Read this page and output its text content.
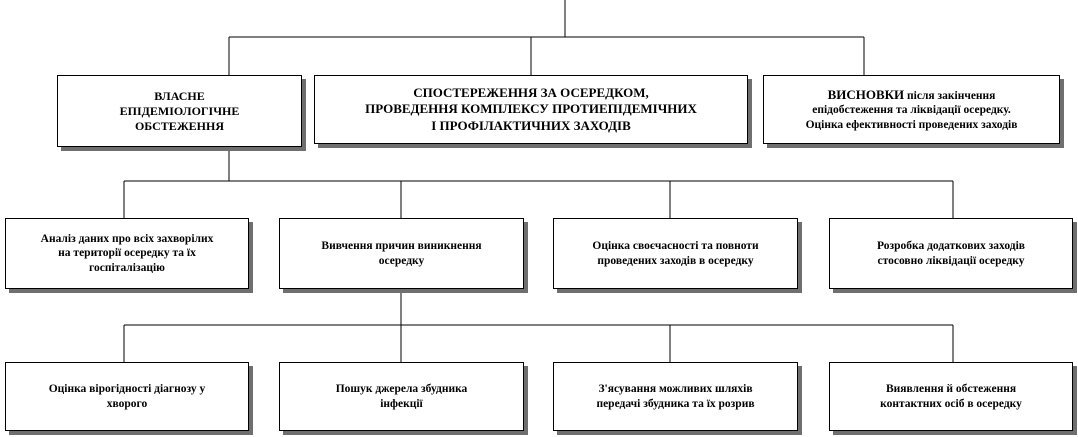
ВЛАСНЕ
ЕПІДЕМІОЛОГІЧНЕ
ОБСТЕЖЕННЯ
СПОСТЕРЕЖЕННЯ ЗА ОСЕРЕДКОМ,
ПРОВЕДЕННЯ КОМПЛЕКСУ ПРОТИЕПІДЕМІЧНИХ
І ПРОФІЛАКТИЧНИХ ЗАХОДІВ
ВИСНОВКИ після закінчення
епідобстеження та ліквідації осередку.
Оцінка ефективності проведених заходів
Аналіз даних про всіх захворілих
на території осередку та їх
госпіталізацію
Вивчення причин виникнення
осередку
Оцінка своєчасності та повноти
проведених заходів в осередку
Розробка додаткових заходів
стосовно ліквідації осередку
Оцінка вірогідності діагнозу у
хворого
Пошук джерела збудника
інфекції
З'ясування можливих шляхів
передачі збудника та їх розрив
Виявлення й обстеження
контактних осіб в осередку
